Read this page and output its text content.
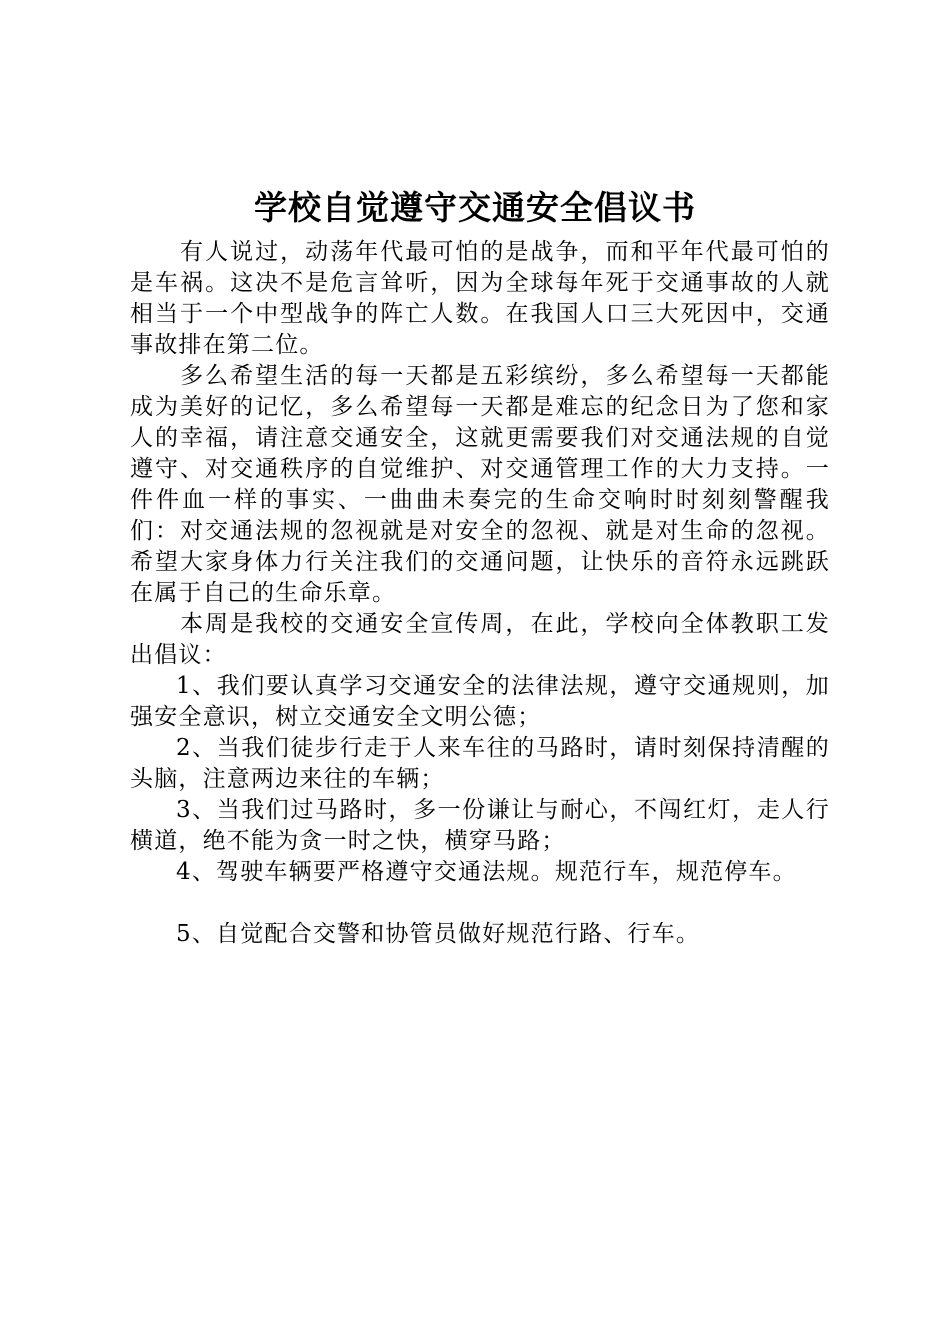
学校自觉遵守交通安全倡议书

有人说过，动荡年代最可怕的是战争，而和平年代最可怕的是车祸。这决不是危言耸听，因为全球每年死于交通事故的人就相当于一个中型战争的阵亡人数。在我国人口三大死因中，交通事故排在第二位。

多么希望生活的每一天都是五彩缤纷，多么希望每一天都能成为美好的记忆，多么希望每一天都是难忘的纪念日为了您和家人的幸福，请注意交通安全，这就更需要我们对交通法规的自觉遵守、对交通秩序的自觉维护、对交通管理工作的大力支持。一件件血一样的事实、一曲曲未奏完的生命交响时时刻刻警醒我们：对交通法规的忽视就是对安全的忽视、就是对生命的忽视。希望大家身体力行关注我们的交通问题，让快乐的音符永远跳跃在属于自己的生命乐章。

本周是我校的交通安全宣传周，在此，学校向全体教职工发出倡议：

1、我们要认真学习交通安全的法律法规，遵守交通规则，加强安全意识，树立交通安全文明公德；

2、当我们徒步行走于人来车往的马路时，请时刻保持清醒的头脑，注意两边来往的车辆；

3、当我们过马路时，多一份谦让与耐心，不闯红灯，走人行横道，绝不能为贪一时之快，横穿马路；

4、驾驶车辆要严格遵守交通法规。规范行车，规范停车。

5、自觉配合交警和协管员做好规范行路、行车。
